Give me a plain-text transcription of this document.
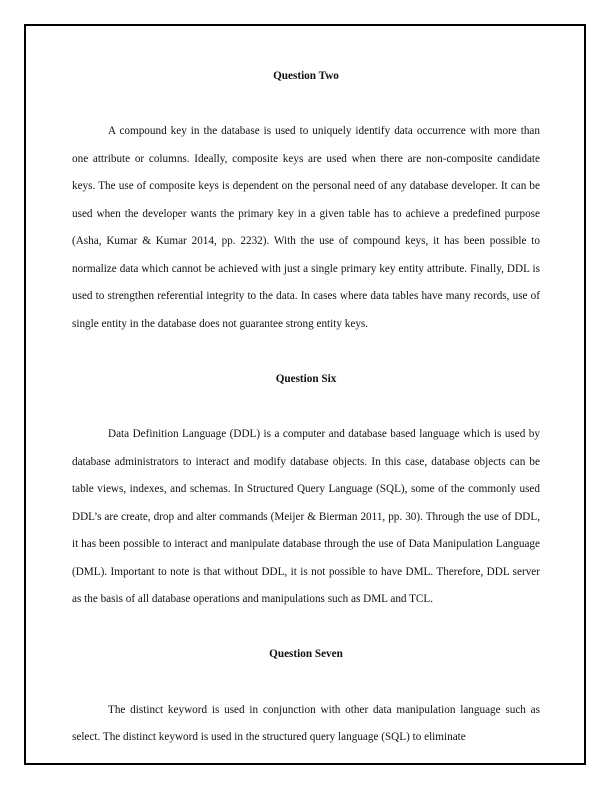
Question Two

A compound key in the database is used to uniquely identify data occurrence with more than one attribute or columns. Ideally, composite keys are used when there are non-composite candidate keys. The use of composite keys is dependent on the personal need of any database developer. It can be used when the developer wants the primary key in a given table has to achieve a predefined purpose (Asha, Kumar & Kumar 2014, pp. 2232). With the use of compound keys, it has been possible to normalize data which cannot be achieved with just a single primary key entity attribute. Finally, DDL is used to strengthen referential integrity to the data. In cases where data tables have many records, use of single entity in the database does not guarantee strong entity keys.

Question Six

Data Definition Language (DDL) is a computer and database based language which is used by database administrators to interact and modify database objects. In this case, database objects can be table views, indexes, and schemas. In Structured Query Language (SQL), some of the commonly used DDL’s are create, drop and alter commands (Meijer & Bierman 2011, pp. 30). Through the use of DDL, it has been possible to interact and manipulate database through the use of Data Manipulation Language (DML). Important to note is that without DDL, it is not possible to have DML. Therefore, DDL server as the basis of all database operations and manipulations such as DML and TCL.

Question Seven

The distinct keyword is used in conjunction with other data manipulation language such as select. The distinct keyword is used in the structured query language (SQL) to eliminate
